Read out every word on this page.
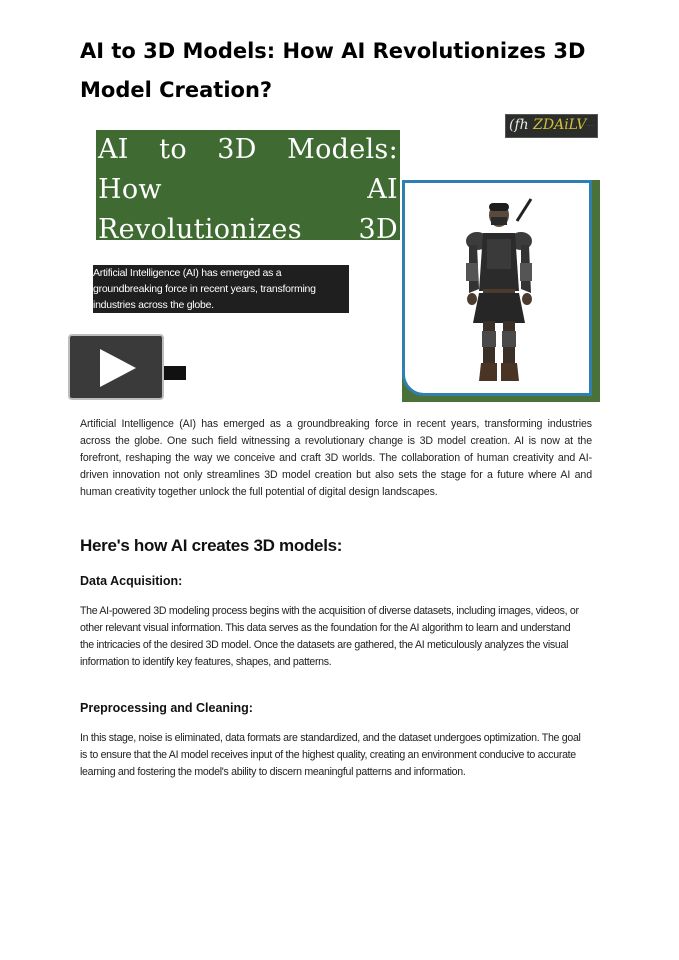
AI to 3D Models: How AI Revolutionizes 3D Model Creation?

AI to 3D Models: How AI Revolutionizes 3D

(fh ZDAiLV ·····

Artificial Intelligence (AI) has emerged as a groundbreaking force in recent years, transforming industries across the globe.

Artificial Intelligence (AI) has emerged as a groundbreaking force in recent years, transforming industries across the globe. One such field witnessing a revolutionary change is 3D model creation. AI is now at the forefront, reshaping the way we conceive and craft 3D worlds. The collaboration of human creativity and AI-driven innovation not only streamlines 3D model creation but also sets the stage for a future where AI and human creativity together unlock the full potential of digital design landscapes.
Here's how AI creates 3D models:
Data Acquisition:
The AI-powered 3D modeling process begins with the acquisition of diverse datasets, including images, videos, or other relevant visual information. This data serves as the foundation for the AI algorithm to learn and understand the intricacies of the desired 3D model. Once the datasets are gathered, the AI meticulously analyzes the visual information to identify key features, shapes, and patterns.
Preprocessing and Cleaning:
In this stage, noise is eliminated, data formats are standardized, and the dataset undergoes optimization. The goal is to ensure that the AI model receives input of the highest quality, creating an environment conducive to accurate learning and fostering the model's ability to discern meaningful patterns and information.
